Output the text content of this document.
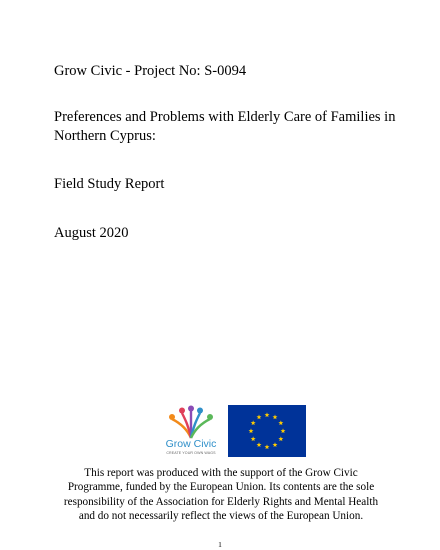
Grow Civic - Project No: S-0094

Preferences and Problems with Elderly Care of Families in Northern Cyprus:

Field Study Report

August 2020

Grow Civic
CREATE YOUR OWN WAGS
This report was produced with the support of the Grow Civic Programme, funded by the European Union. Its contents are the sole responsibility of the Association for Elderly Rights and Mental Health and do not necessarily reflect the views of the European Union.
1
